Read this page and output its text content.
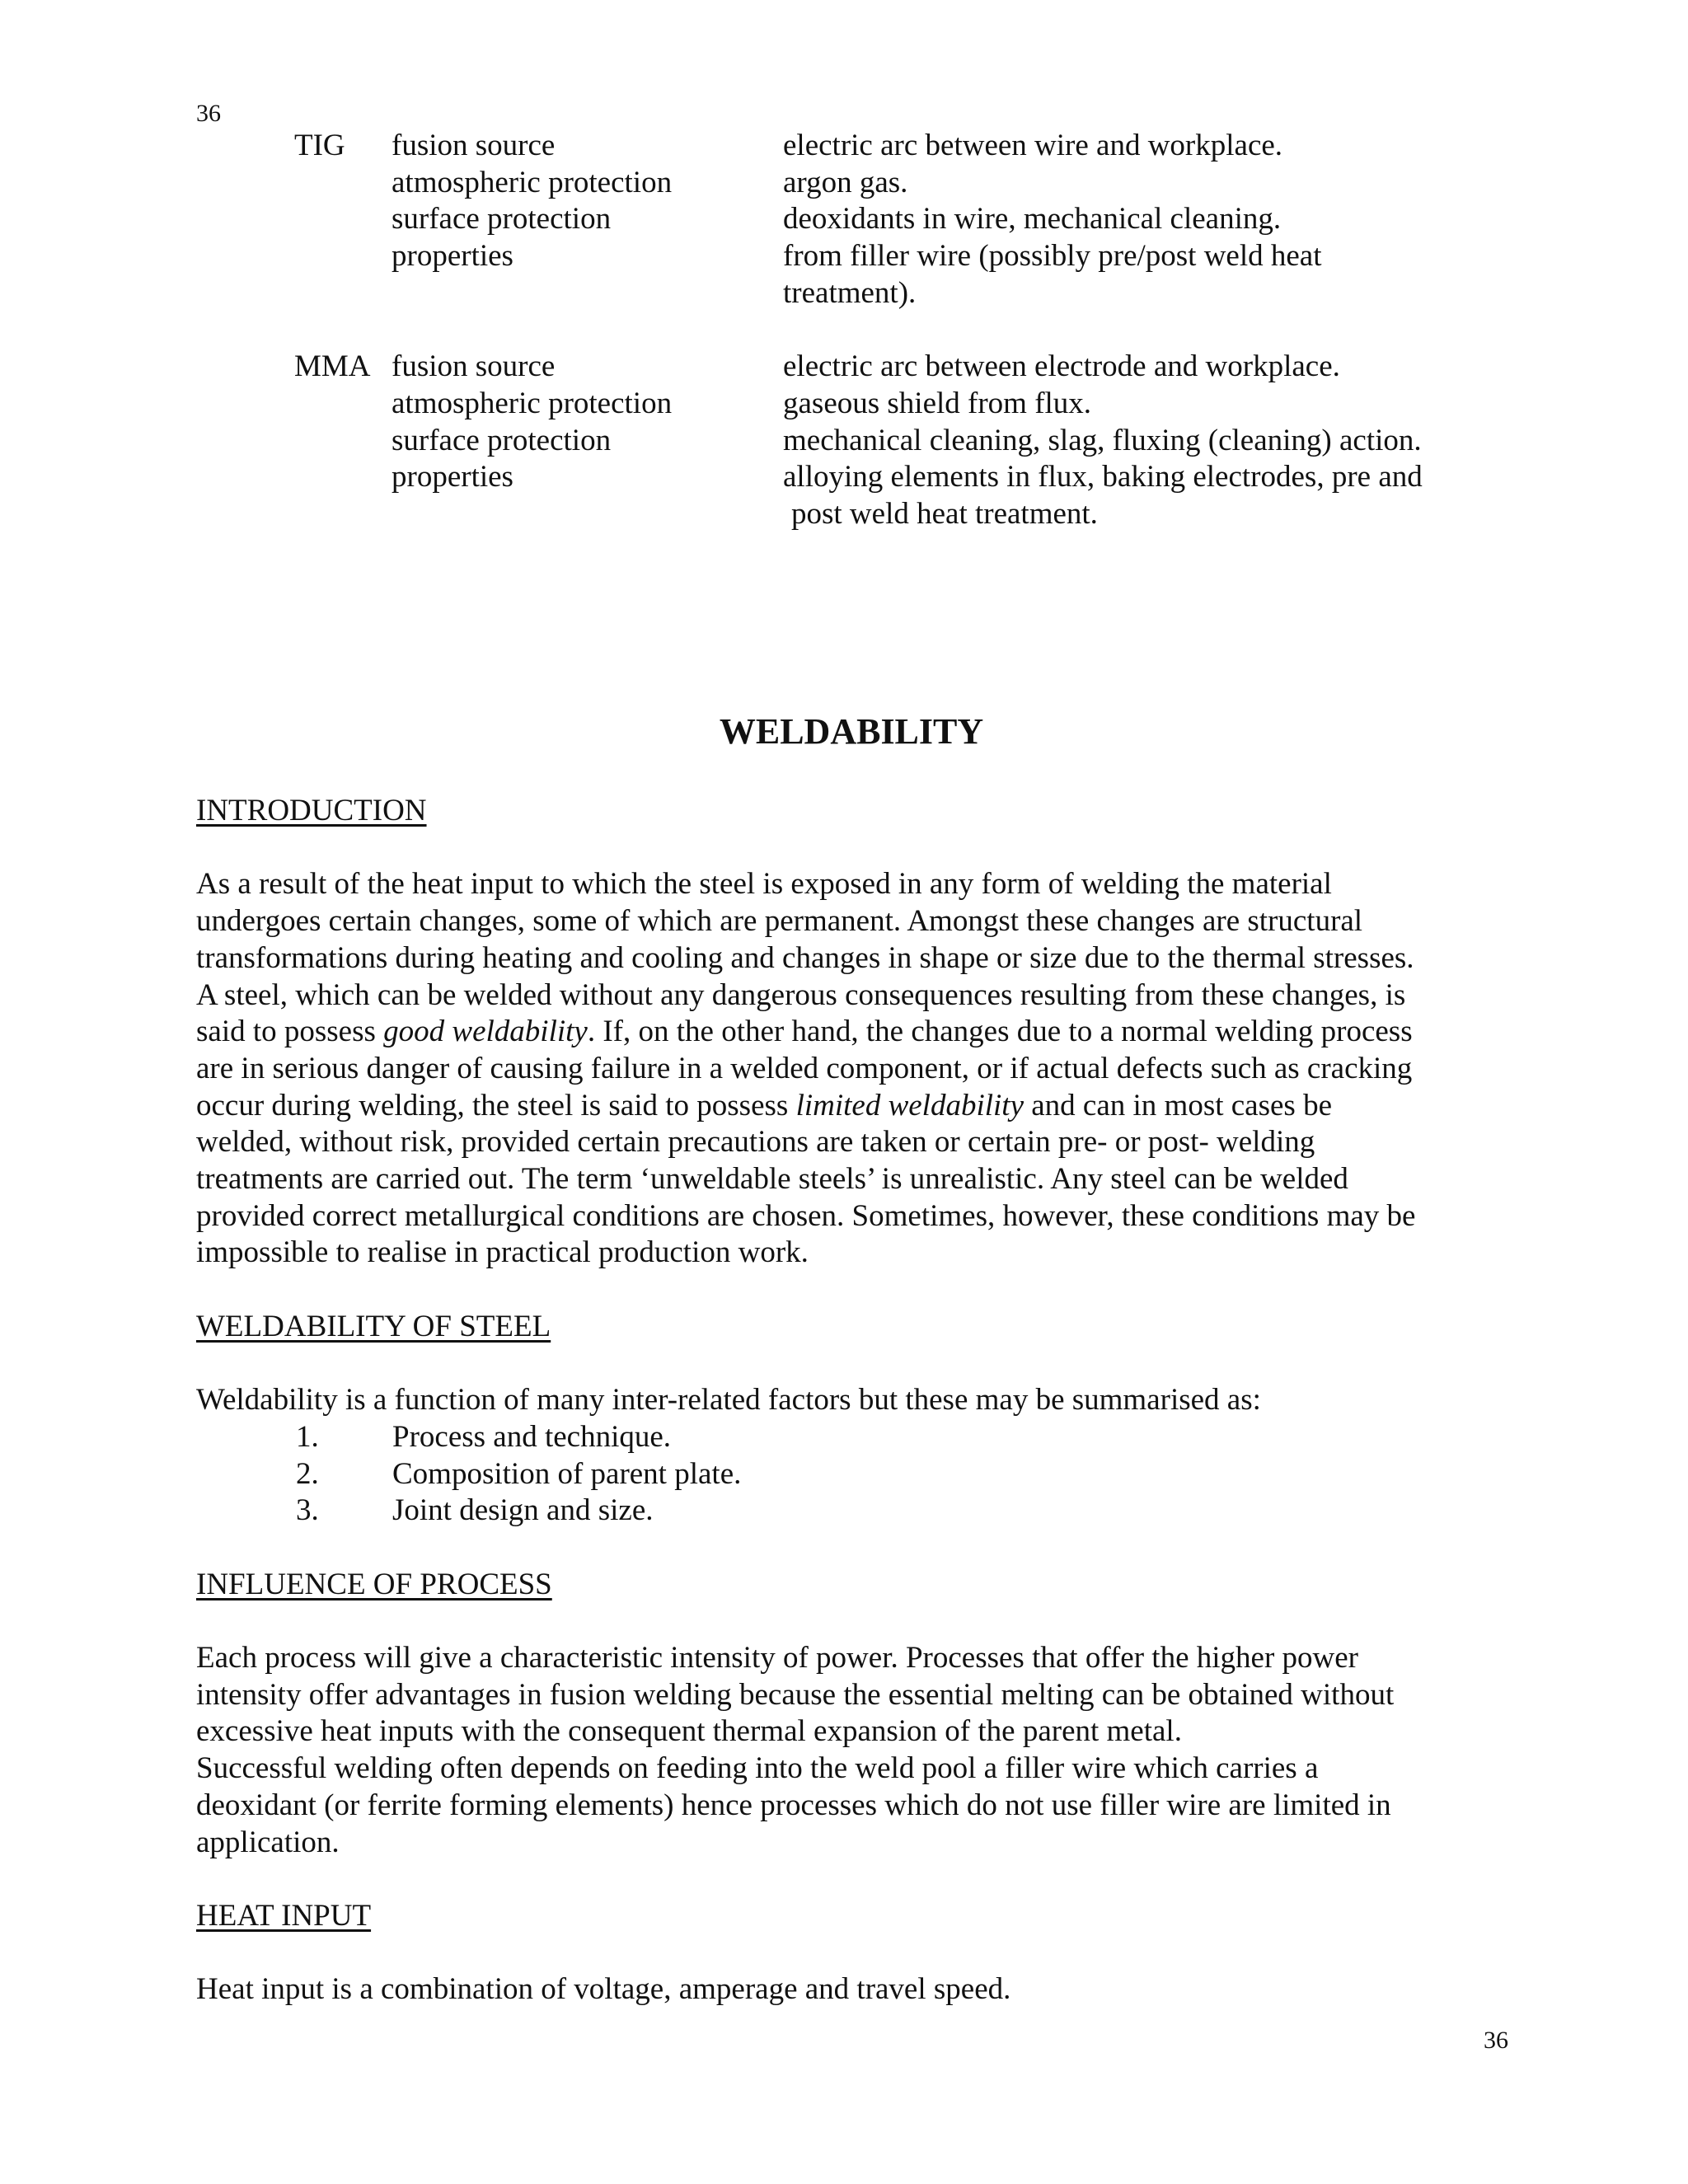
36
TIG fusion source	electric arc between wire and workplace.
atmospheric protection	argon gas.
surface protection	deoxidants in wire, mechanical cleaning.
properties	from filler wire (possibly pre/post weld heat
treatment).
MMA fusion source	electric arc between electrode and workplace.
atmospheric protection	gaseous shield from flux.
surface protection	mechanical cleaning, slag, fluxing (cleaning) action.
properties	alloying elements in flux, baking electrodes, pre and
post weld heat treatment.
WELDABILITY

INTRODUCTION

As a result of the heat input to which the steel is exposed in any form of welding the material

undergoes certain changes, some of which are permanent. Amongst these changes are structural

transformations during heating and cooling and changes in shape or size due to the thermal stresses.

A steel, which can be welded without any dangerous consequences resulting from these changes, is

said to possess good weldability. If, on the other hand, the changes due to a normal welding process

are in serious danger of causing failure in a welded component, or if actual defects such as cracking

occur during welding, the steel is said to possess limited weldability and can in most cases be

welded, without risk, provided certain precautions are taken or certain pre- or post- welding

treatments are carried out. The term ‘unweldable steels’ is unrealistic. Any steel can be welded

provided correct metallurgical conditions are chosen. Sometimes, however, these conditions may be

impossible to realise in practical production work.

WELDABILITY OF STEEL

Weldability is a function of many inter-related factors but these may be summarised as:

1. Process and technique.
2. Composition of parent plate.
3. Joint design and size.

INFLUENCE OF PROCESS

Each process will give a characteristic intensity of power. Processes that offer the higher power

intensity offer advantages in fusion welding because the essential melting can be obtained without

excessive heat inputs with the consequent thermal expansion of the parent metal.

Successful welding often depends on feeding into the weld pool a filler wire which carries a

deoxidant (or ferrite forming elements) hence processes which do not use filler wire are limited in

application.

HEAT INPUT

Heat input is a combination of voltage, amperage and travel speed.

36
